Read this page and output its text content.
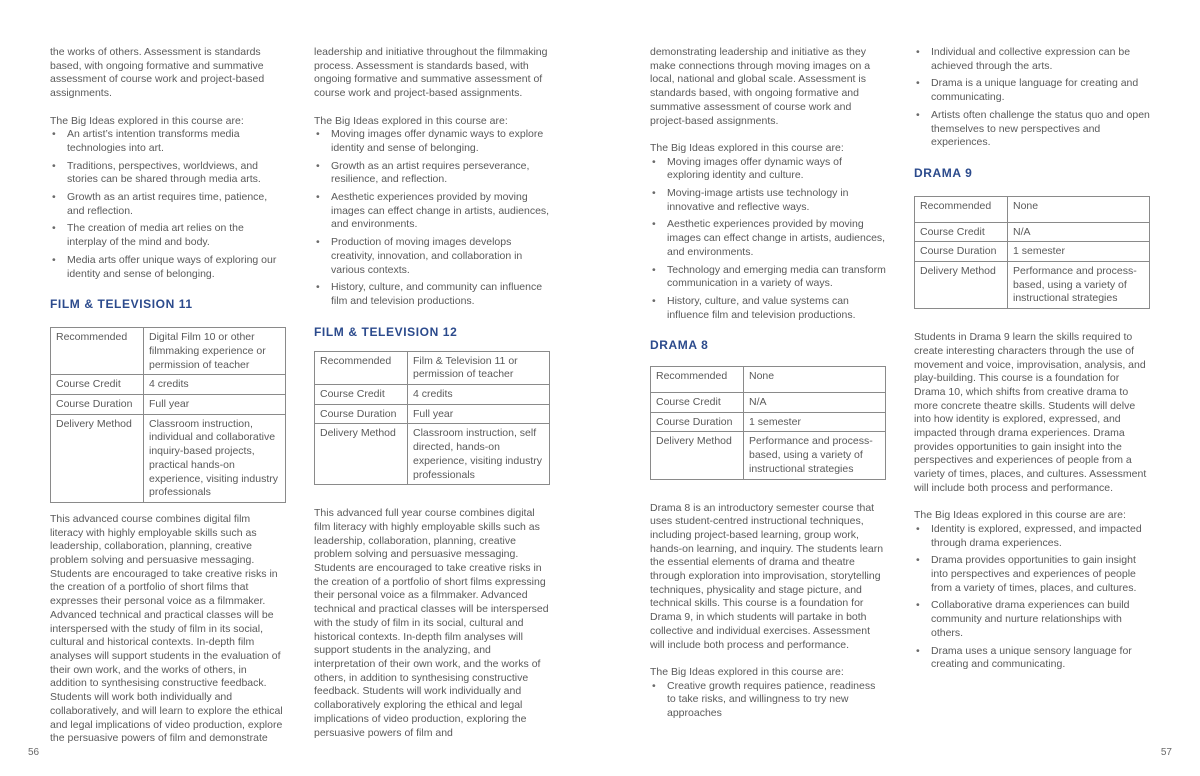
the works of others. Assessment is standards based, with ongoing formative and summative assessment of course work and project-based assignments.

The Big Ideas explored in this course are:

• An artist’s intention transforms media technologies into art.
• Traditions, perspectives, worldviews, and stories can be shared through media arts.
• Growth as an artist requires time, patience, and reflection.
• The creation of media art relies on the interplay of the mind and body.
• Media arts offer unique ways of exploring our identity and sense of belonging.
FILM & TELEVISION 11
Recommended	Digital Film 10 or other filmmaking experience or permission of teacher
Course Credit	4 credits
Course Duration	Full year
Delivery Method	Classroom instruction, individual and collaborative inquiry-based projects, practical hands-on experience, visiting industry professionals

This advanced course combines digital film literacy with highly employable skills such as leadership, collaboration, planning, creative problem solving and persuasive messaging. Students are encouraged to take creative risks in the creation of a portfolio of short films that expresses their personal voice as a filmmaker. Advanced technical and practical classes will be interspersed with the study of film in its social, cultural and historical contexts. In-depth film analyses will support students in the evaluation of their own work, and the works of others, in addition to synthesising constructive feedback. Students will work both individually and collaboratively, and will learn to explore the ethical and legal implications of video production, explore the persuasive powers of film and demonstrate

leadership and initiative throughout the filmmaking process. Assessment is standards based, with ongoing formative and summative assessment of course work and project-based assignments.

The Big Ideas explored in this course are:

• Moving images offer dynamic ways to explore identity and sense of belonging.
• Growth as an artist requires perseverance, resilience, and reflection.
• Aesthetic experiences provided by moving images can effect change in artists, audiences, and environments.
• Production of moving images develops creativity, innovation, and collaboration in various contexts.
• History, culture, and community can influence film and television productions.
FILM & TELEVISION 12
Recommended	Film & Television 11 or permission of teacher
Course Credit	4 credits
Course Duration	Full year
Delivery Method	Classroom instruction, self directed, hands-on experience, visiting industry professionals

This advanced full year course combines digital film literacy with highly employable skills such as leadership, collaboration, planning, creative problem solving and persuasive messaging. Students are encouraged to take creative risks in the creation of a portfolio of short films expressing their personal voice as a filmmaker. Advanced technical and practical classes will be interspersed with the study of film in its social, cultural and historical contexts. In-depth film analyses will support students in the analyzing, and interpretation of their own work, and the works of others, in addition to synthesising constructive feedback. Students will work individually and collaboratively exploring the ethical and legal implications of video production, exploring the persuasive powers of film and

demonstrating leadership and initiative as they make connections through moving images on a local, national and global scale. Assessment is standards based, with ongoing formative and summative assessment of course work and project-based assignments.

The Big Ideas explored in this course are:

• Moving images offer dynamic ways of exploring identity and culture.
• Moving-image artists use technology in innovative and reflective ways.
• Aesthetic experiences provided by moving images can effect change in artists, audiences, and environments.
• Technology and emerging media can transform communication in a variety of ways.
• History, culture, and value systems can influence film and television productions.
DRAMA 8
Recommended	None
Course Credit	N/A
Course Duration	1 semester
Delivery Method	Performance and process-based, using a variety of instructional strategies

Drama 8 is an introductory semester course that uses student-centred instructional techniques, including project-based learning, group work, hands-on learning, and inquiry. The students learn the essential elements of drama and theatre through exploration into improvisation, storytelling techniques, physicality and stage picture, and technical skills. This course is a foundation for Drama 9, in which students will partake in both collective and individual exercises. Assessment will include both process and performance.

The Big Ideas explored in this course are:

• Creative growth requires patience, readiness to take risks, and willingness to try new approaches
• Individual and collective expression can be achieved through the arts.
• Drama is a unique language for creating and communicating.
• Artists often challenge the status quo and open themselves to new perspectives and experiences.
DRAMA 9
Recommended	None
Course Credit	N/A
Course Duration	1 semester
Delivery Method	Performance and process-based, using a variety of instructional strategies

Students in Drama 9 learn the skills required to create interesting characters through the use of movement and voice, improvisation, analysis, and play-building. This course is a foundation for Drama 10, which shifts from creative drama to more concrete theatre skills. Students will delve into how identity is explored, expressed, and impacted through drama experiences. Drama provides opportunities to gain insight into the perspectives and experiences of people from a variety of times, places, and cultures. Assessment will include both process and performance.

The Big Ideas explored in this course are are:

• Identity is explored, expressed, and impacted through drama experiences.
• Drama provides opportunities to gain insight into perspectives and experiences of people from a variety of times, places, and cultures.
• Collaborative drama experiences can build community and nurture relationships with others.
• Drama uses a unique sensory language for creating and communicating.
56	57
